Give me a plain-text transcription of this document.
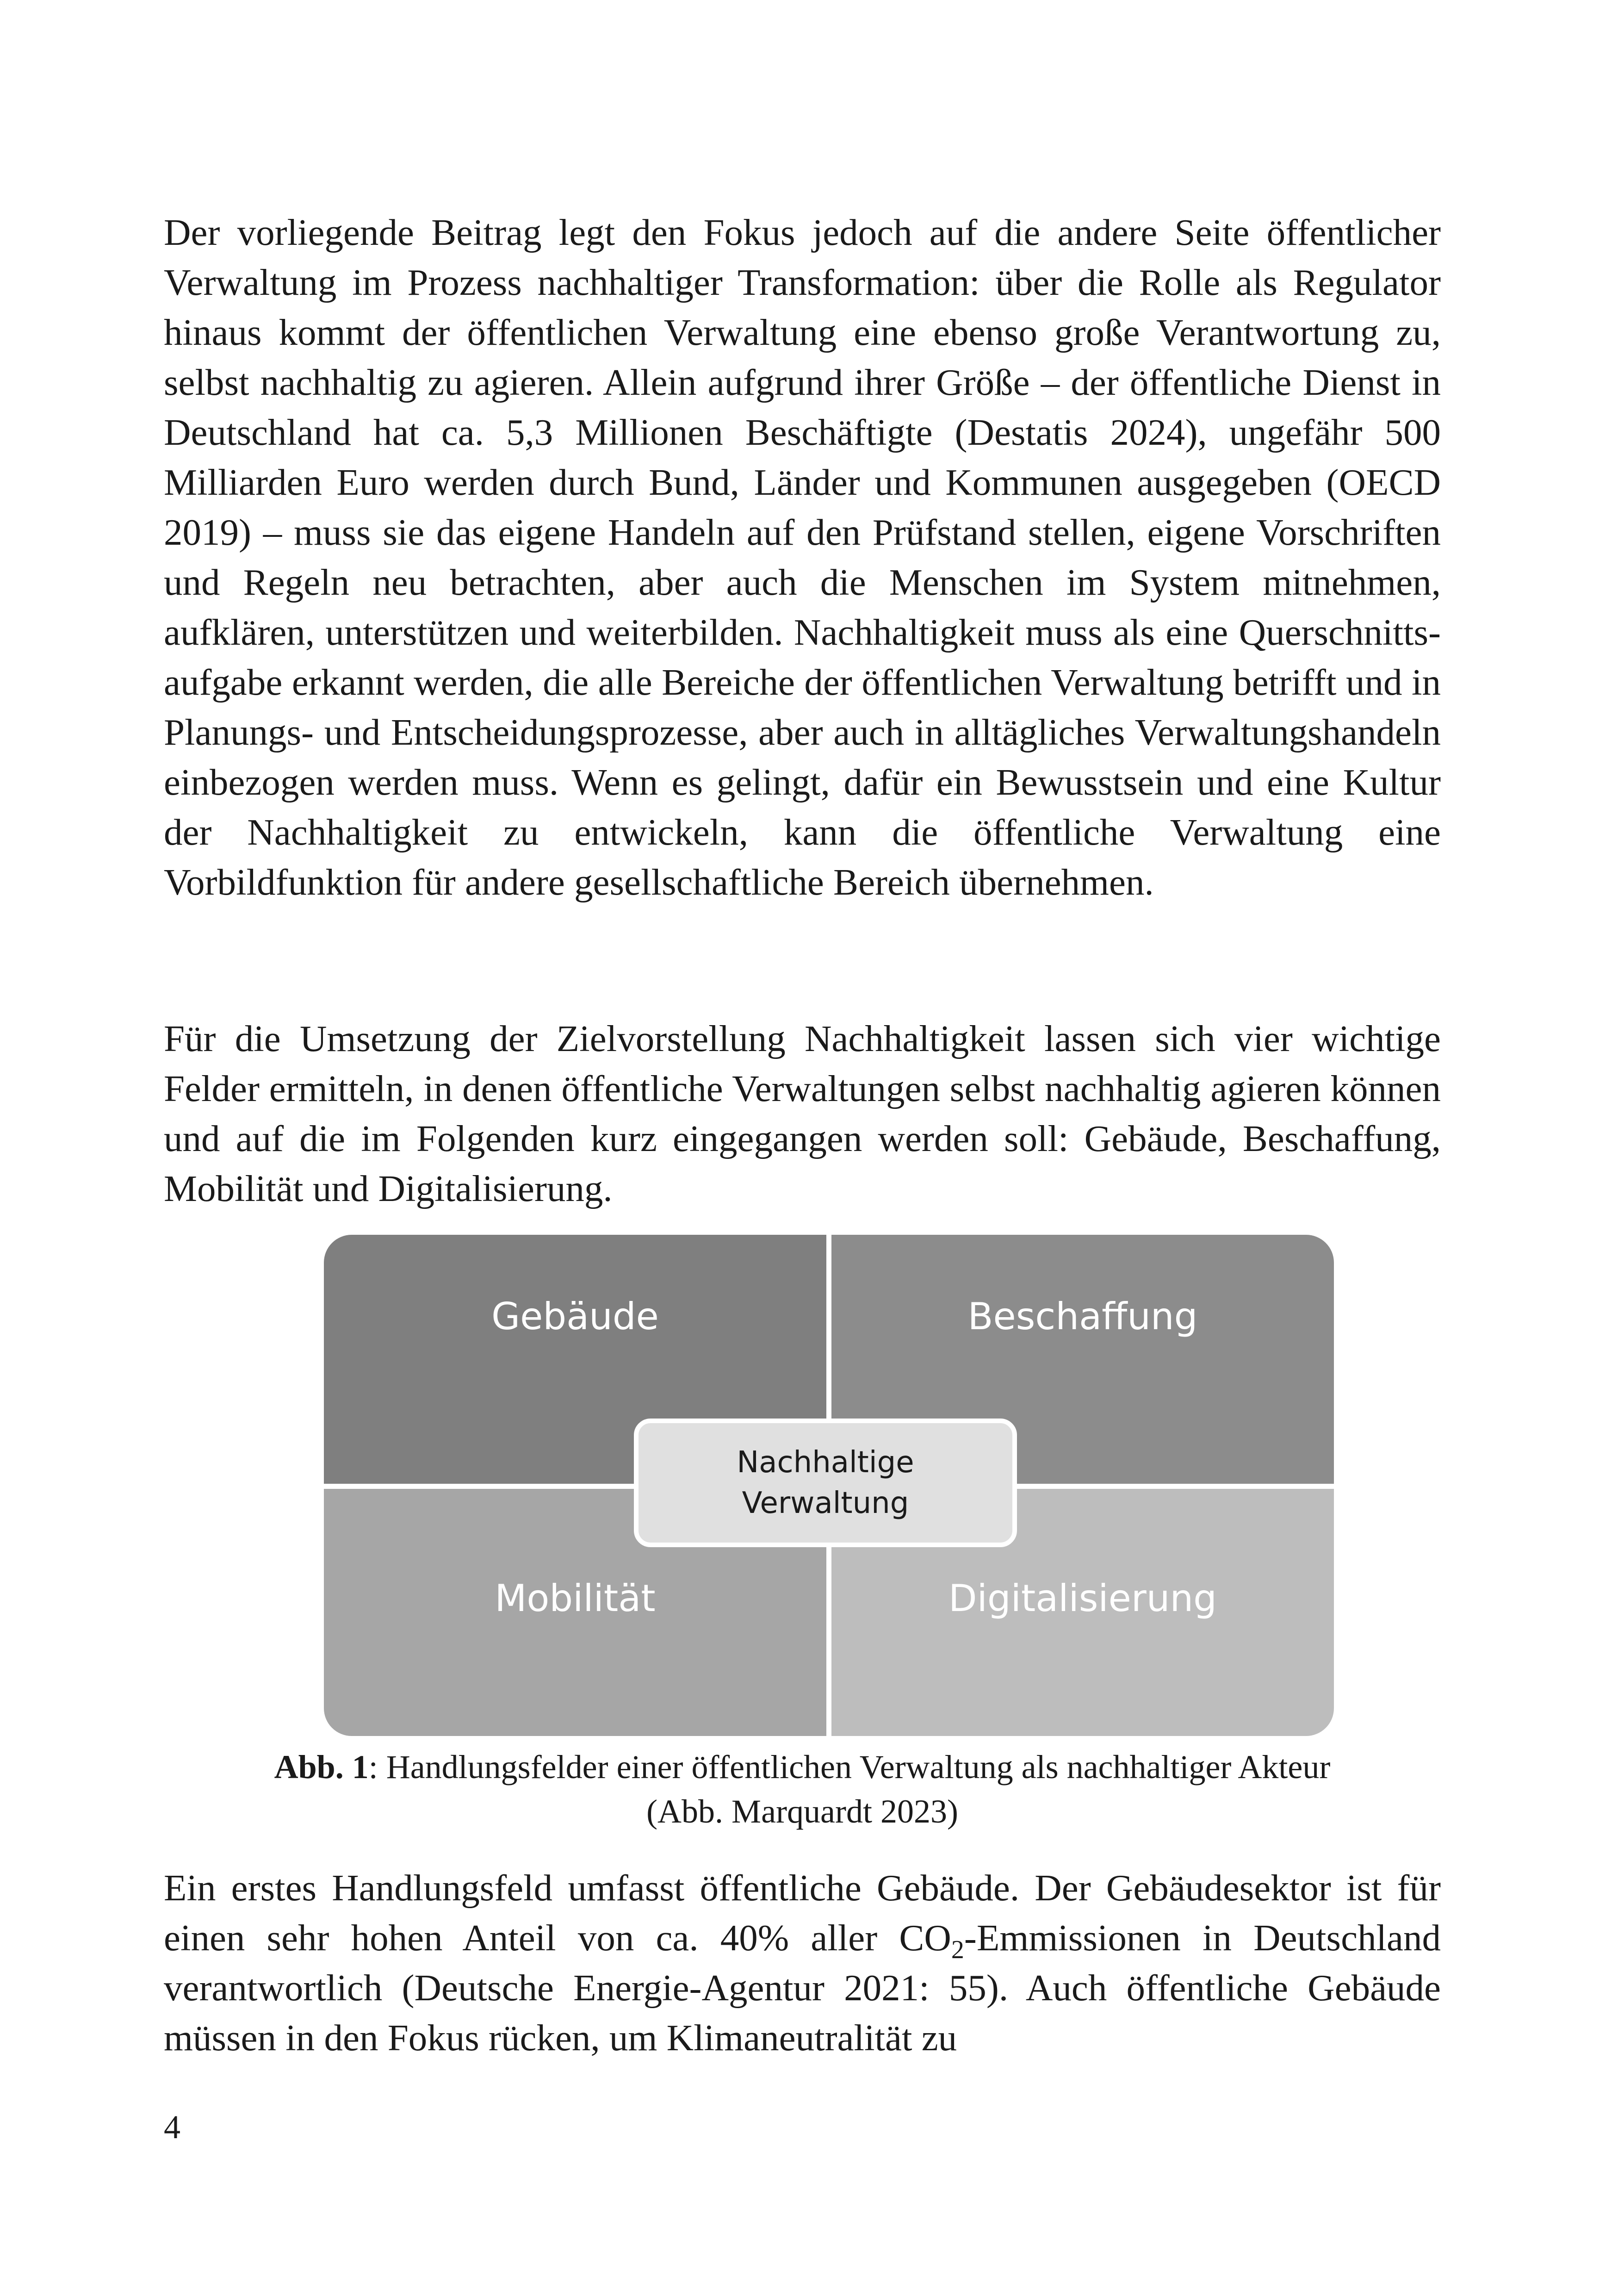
Der vorliegende Beitrag legt den Fokus jedoch auf die andere Seite öffentlicher Verwaltung im Prozess nachhaltiger Transformation: über die Rolle als Regulator hinaus kommt der öffentlichen Verwaltung eine ebenso große Verantwortung zu, selbst nachhaltig zu agieren. Allein aufgrund ihrer Größe – der öffentliche Dienst in Deutschland hat ca. 5,3 Millionen Beschäftigte (Destatis 2024), ungefähr 500 Milliarden Euro werden durch Bund, Länder und Kommunen ausgegeben (OECD 2019) – muss sie das eigene Handeln auf den Prüfstand stellen, eigene Vorschriften und Regeln neu betrachten, aber auch die Menschen im System mitnehmen, aufklären, unterstützen und weiterbilden. Nachhaltigkeit muss als eine Querschnittsaufgabe erkannt werden, die alle Bereiche der öffentlichen Verwaltung betrifft und in Planungs- und Entscheidungsprozesse, aber auch in alltägliches Verwaltungshandeln einbezogen werden muss. Wenn es gelingt, dafür ein Bewusstsein und eine Kultur der Nachhaltigkeit zu entwickeln, kann die öffentliche Verwaltung eine Vorbildfunktion für andere gesellschaftliche Bereich übernehmen.

Für die Umsetzung der Zielvorstellung Nachhaltigkeit lassen sich vier wichtige Felder ermitteln, in denen öffentliche Verwaltungen selbst nachhaltig agieren können und auf die im Folgenden kurz eingegangen werden soll: Gebäude, Beschaffung, Mobilität und Digitalisierung.

Gebäude	Beschaffung
Mobilität	Digitalisierung
Nachhaltige
Verwaltung
Abb. 1: Handlungsfelder einer öffentlichen Verwaltung als nachhaltiger Akteur
(Abb. Marquardt 2023)

Ein erstes Handlungsfeld umfasst öffentliche Gebäude. Der Gebäudesektor ist für einen sehr hohen Anteil von ca. 40% aller $CO_2$-Emmissionen in Deutschland verantwortlich (Deutsche Energie-Agentur 2021: 55). Auch öffentliche Gebäude müssen in den Fokus rücken, um Klimaneutralität zu

4
